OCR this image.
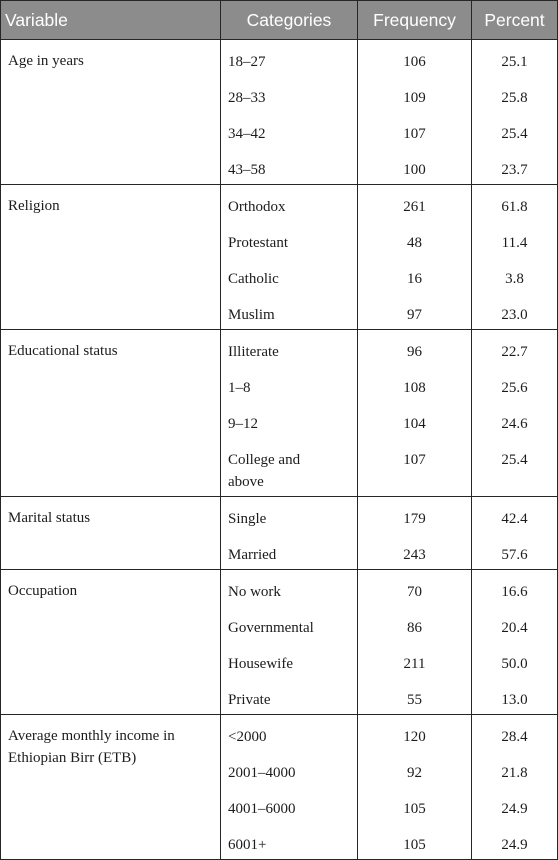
Variable	Categories	Frequency	Percent

Age in years	18–27	106	25.1

	28–33	109	25.8

	34–42	107	25.4

	43–58	100	23.7

Religion	Orthodox	261	61.8

	Protestant	48	11.4

	Catholic	16	3.8

	Muslim	97	23.0

Educational status	Illiterate	96	22.7

	1–8	108	25.6

	9–12	104	24.6

	College and
above	107	25.4

Marital status	Single	179	42.4

	Married	243	57.6

Occupation	No work	70	16.6

	Governmental	86	20.4

	Housewife	211	50.0

	Private	55	13.0

Average monthly income in
Ethiopian Birr (ETB)	<2000	120	28.4

	2001–4000	92	21.8

	4001–6000	105	24.9

	6001+	105	24.9
